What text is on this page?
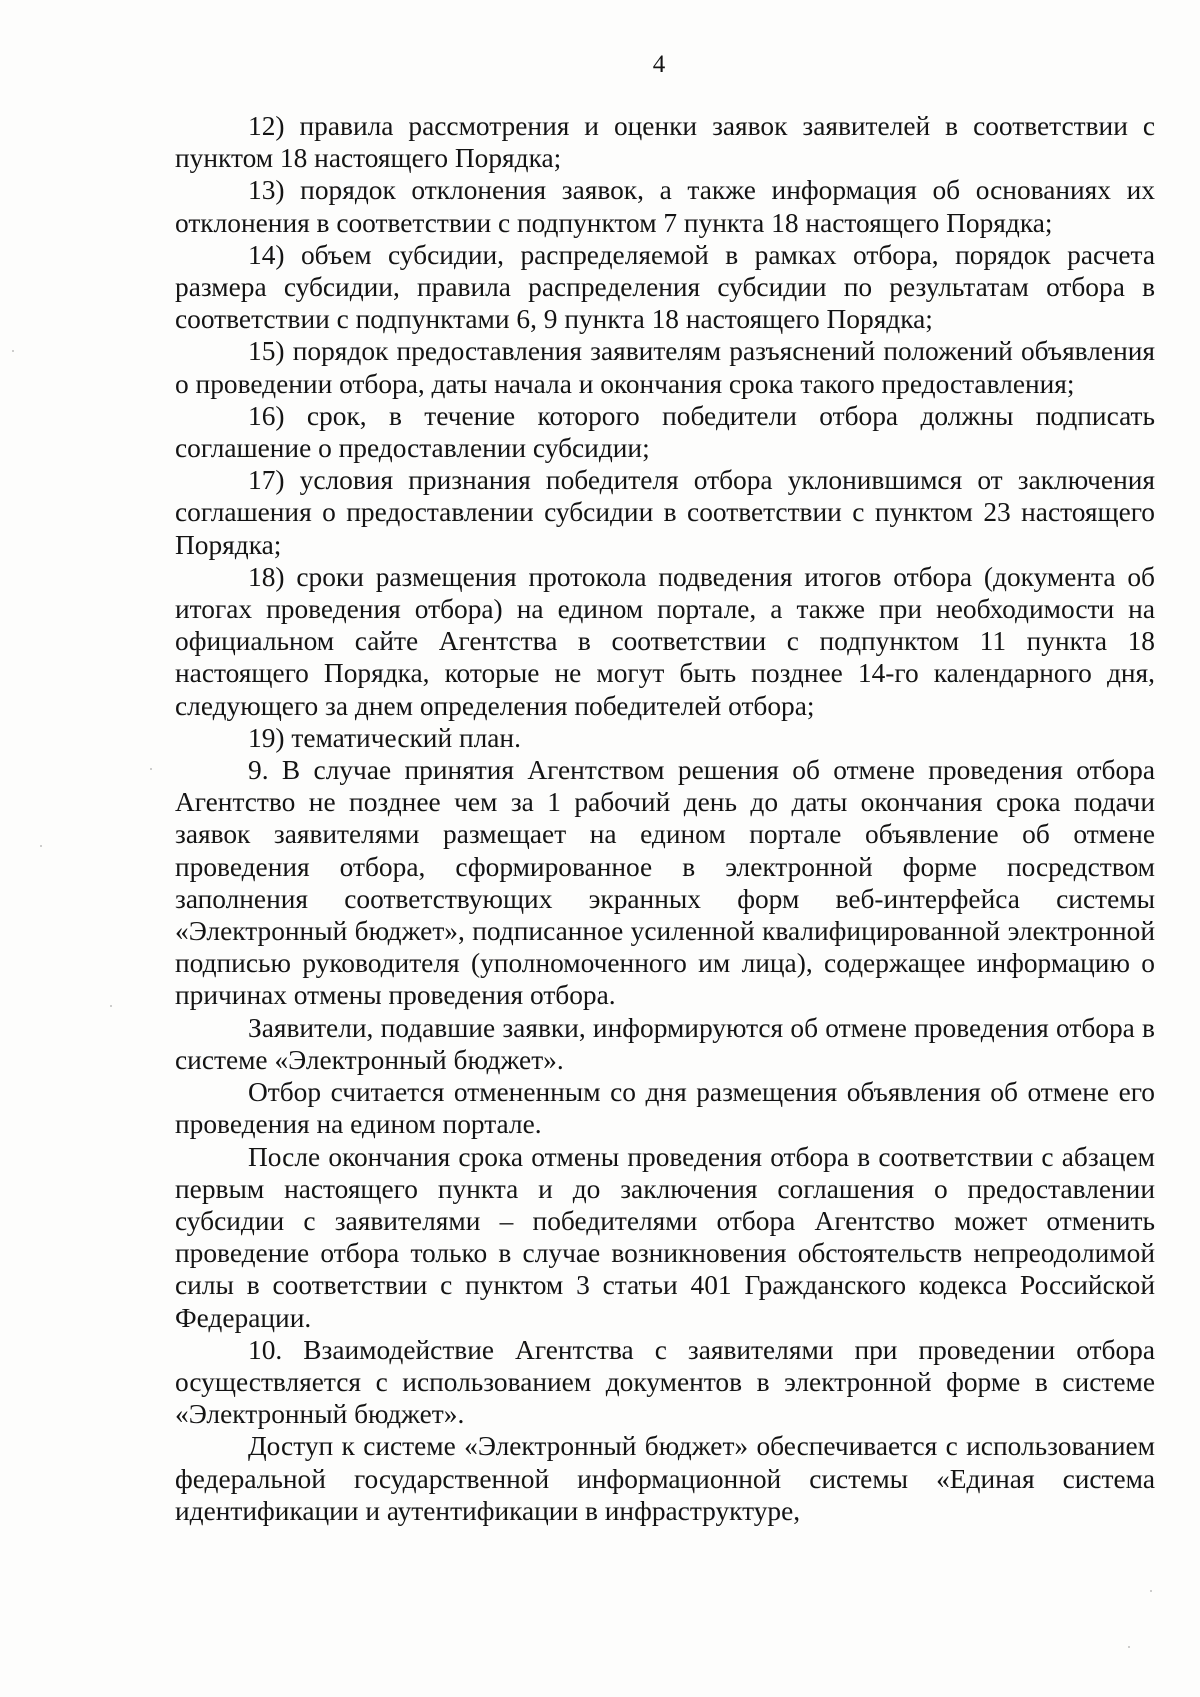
4

12) правила рассмотрения и оценки заявок заявителей в соответствии с пунктом 18 настоящего Порядка;

13) порядок отклонения заявок, а также информация об основаниях их отклонения в соответствии с подпунктом 7 пункта 18 настоящего Порядка;

14) объем субсидии, распределяемой в рамках отбора, порядок расчета размера субсидии, правила распределения субсидии по результатам отбора в соответствии с подпунктами 6, 9 пункта 18 настоящего Порядка;

15) порядок предоставления заявителям разъяснений положений объявления о проведении отбора, даты начала и окончания срока такого предоставления;

16) срок, в течение которого победители отбора должны подписать соглашение о предоставлении субсидии;

17) условия признания победителя отбора уклонившимся от заключения соглашения о предоставлении субсидии в соответствии с пунктом 23 настоящего Порядка;

18) сроки размещения протокола подведения итогов отбора (документа об итогах проведения отбора) на едином портале, а также при необходимости на официальном сайте Агентства в соответствии с подпунктом 11 пункта 18 настоящего Порядка, которые не могут быть позднее 14-го календарного дня, следующего за днем определения победителей отбора;

19) тематический план.

9. В случае принятия Агентством решения об отмене проведения отбора Агентство не позднее чем за 1 рабочий день до даты окончания срока подачи заявок заявителями размещает на едином портале объявление об отмене проведения отбора, сформированное в электронной форме посредством заполнения соответствующих экранных форм веб-интерфейса системы «Электронный бюджет», подписанное усиленной квалифицированной электронной подписью руководителя (уполномоченного им лица), содержащее информацию о причинах отмены проведения отбора.

Заявители, подавшие заявки, информируются об отмене проведения отбора в системе «Электронный бюджет».

Отбор считается отмененным со дня размещения объявления об отмене его проведения на едином портале.

После окончания срока отмены проведения отбора в соответствии с абзацем первым настоящего пункта и до заключения соглашения о предоставлении субсидии с заявителями – победителями отбора Агентство может отменить проведение отбора только в случае возникновения обстоятельств непреодолимой силы в соответствии с пунктом 3 статьи 401 Гражданского кодекса Российской Федерации.

10. Взаимодействие Агентства с заявителями при проведении отбора осуществляется с использованием документов в электронной форме в системе «Электронный бюджет».

Доступ к системе «Электронный бюджет» обеспечивается с использованием федеральной государственной информационной системы «Единая система идентификации и аутентификации в инфраструктуре,
